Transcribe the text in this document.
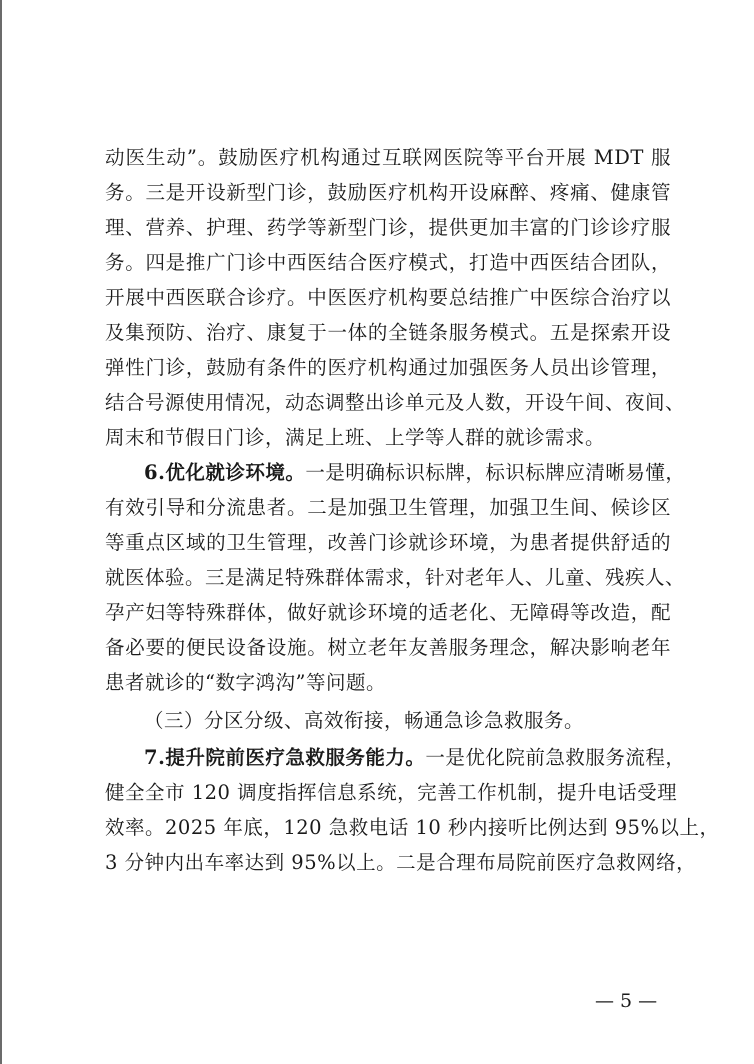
动医生动”。鼓励医疗机构通过互联网医院等平台开展 MDT 服
务。三是开设新型门诊，鼓励医疗机构开设麻醉、疼痛、健康管
理、营养、护理、药学等新型门诊，提供更加丰富的门诊诊疗服
务。四是推广门诊中西医结合医疗模式，打造中西医结合团队，
开展中西医联合诊疗。中医医疗机构要总结推广中医综合治疗以
及集预防、治疗、康复于一体的全链条服务模式。五是探索开设
弹性门诊，鼓励有条件的医疗机构通过加强医务人员出诊管理，
结合号源使用情况，动态调整出诊单元及人数，开设午间、夜间、
周末和节假日门诊，满足上班、上学等人群的就诊需求。
6.优化就诊环境。一是明确标识标牌，标识标牌应清晰易懂，
有效引导和分流患者。二是加强卫生管理，加强卫生间、候诊区
等重点区域的卫生管理，改善门诊就诊环境，为患者提供舒适的
就医体验。三是满足特殊群体需求，针对老年人、儿童、残疾人、
孕产妇等特殊群体，做好就诊环境的适老化、无障碍等改造，配
备必要的便民设备设施。树立老年友善服务理念，解决影响老年
患者就诊的“数字鸿沟”等问题。
（三）分区分级、高效衔接，畅通急诊急救服务。
7.提升院前医疗急救服务能力。一是优化院前急救服务流程，
健全全市 120 调度指挥信息系统，完善工作机制，提升电话受理
效率。2025 年底，120 急救电话 10 秒内接听比例达到 95%以上，
3 分钟内出车率达到 95%以上。二是合理布局院前医疗急救网络，
— 5 —
